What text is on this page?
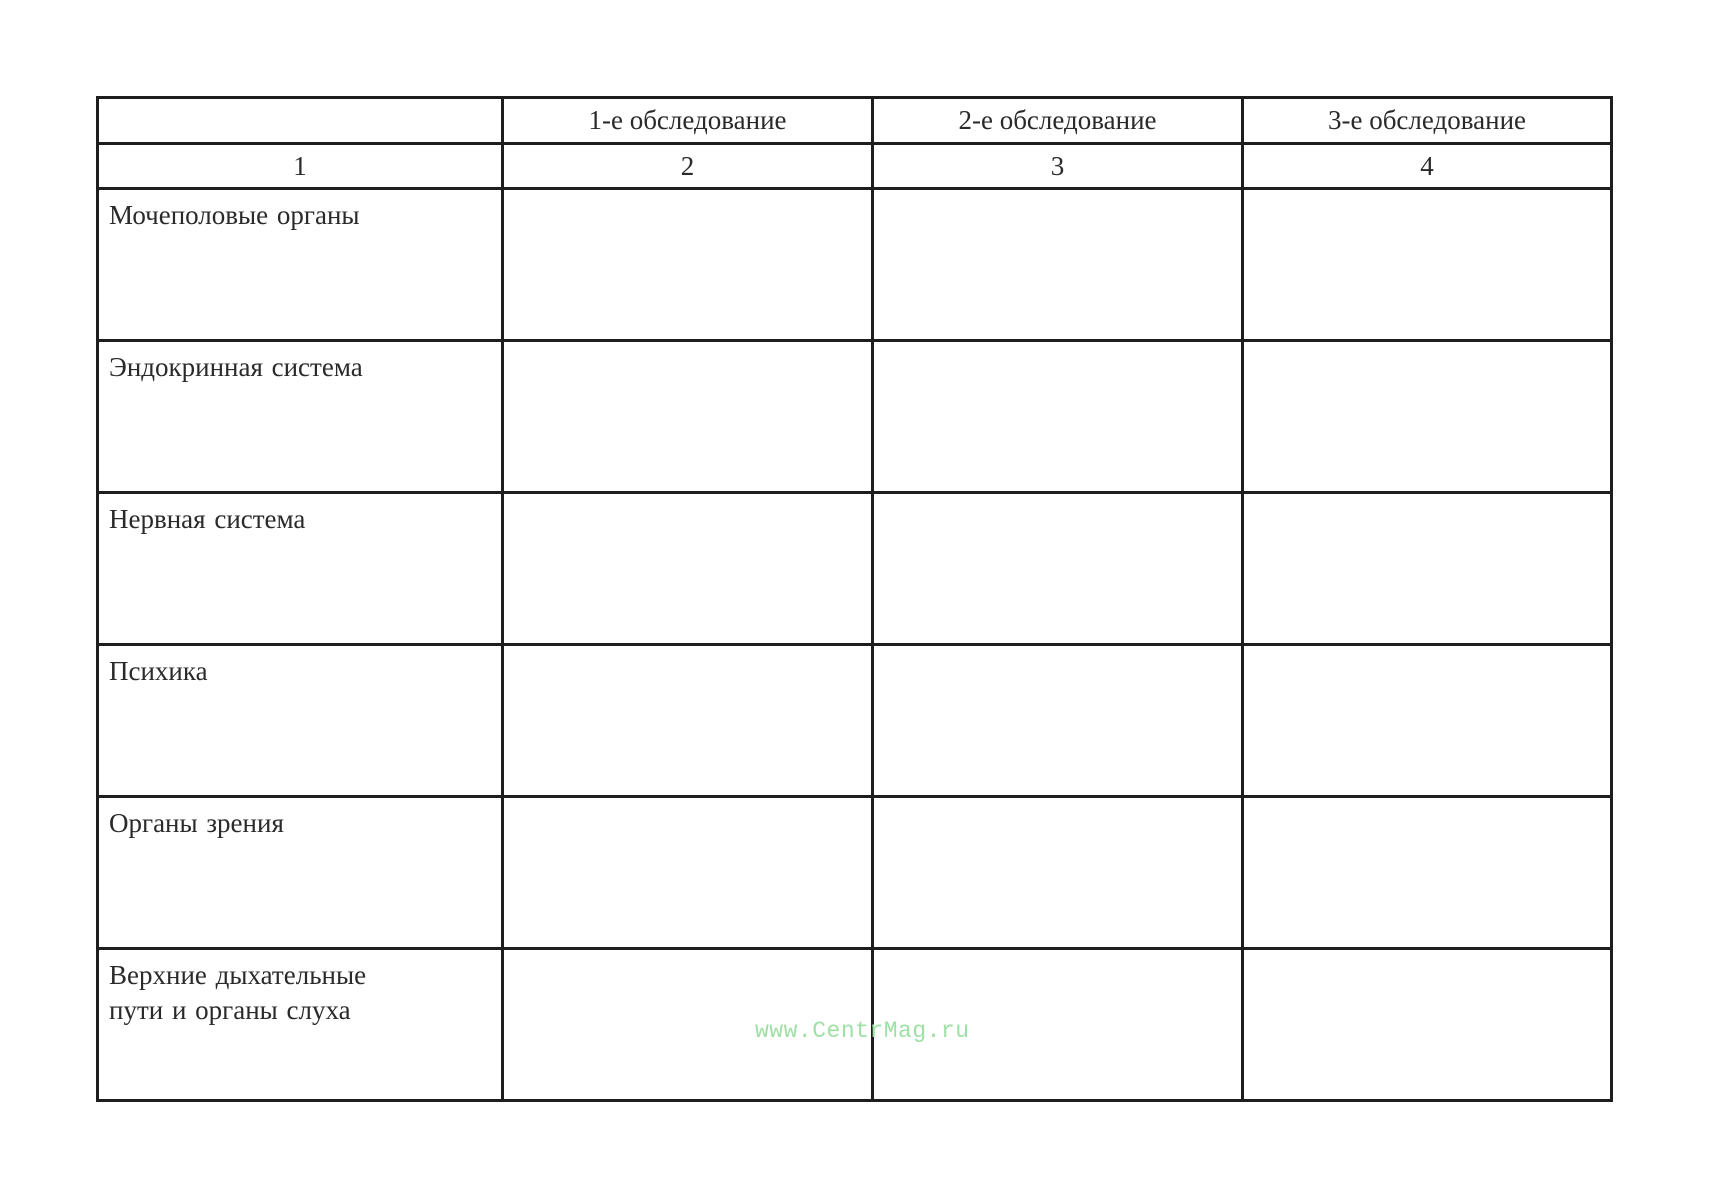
	1-е обследование	2-е обследование	3-е обследование
1	2	3	4
Мочеполовые органы			
Эндокринная система			
Нервная система			
Психика			
Органы зрения			

Верхние дыхательные
пути и органы слуха			

www.CentrMag.ru
